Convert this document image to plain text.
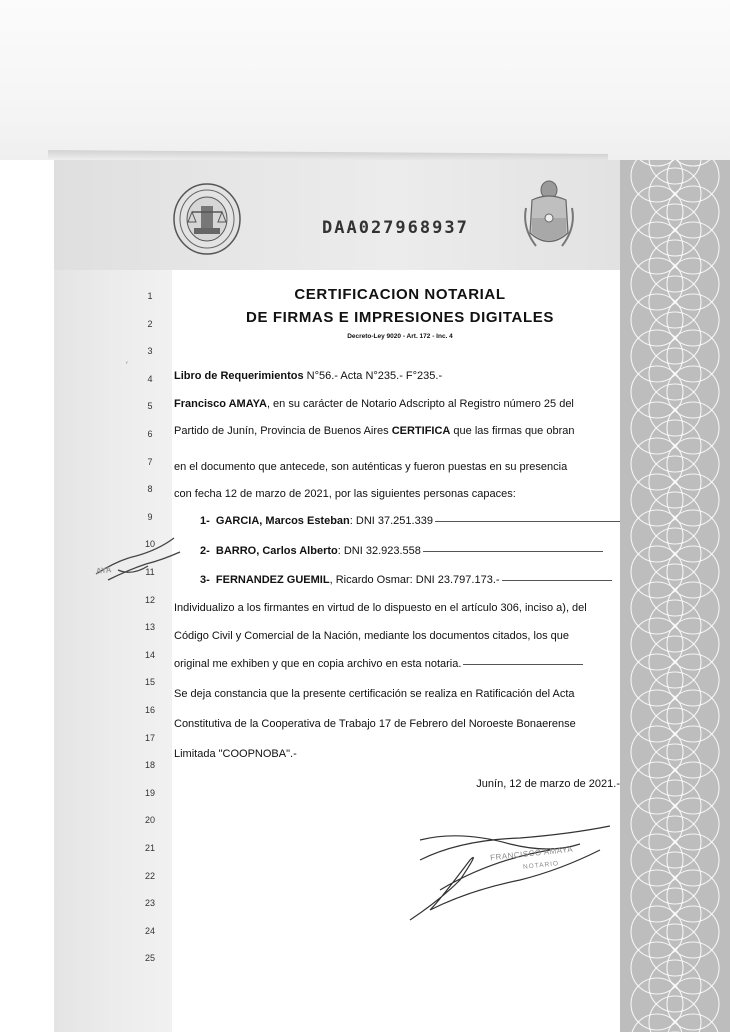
DAA027968937
′
1
2
3
4
5
6
7
8
9
10
11
12
13
14
15
16
17
18
19
20
21
22
23
24
25
CERTIFICACION NOTARIAL
DE FIRMAS E IMPRESIONES DIGITALES
Decreto-Ley 9020 - Art. 172 - Inc. 4
Libro de Requerimientos N°56.- Acta N°235.- F°235.-
Francisco AMAYA, en su carácter de Notario Adscripto al Registro número 25 del
Partido de Junín, Provincia de Buenos Aires CERTIFICA que las firmas que obran
en el documento que antecede, son auténticas y fueron puestas en su presencia
con fecha 12 de marzo de 2021, por las siguientes personas capaces:
1- GARCIA, Marcos Esteban: DNI 37.251.339
2- BARRO, Carlos Alberto: DNI 32.923.558
3- FERNANDEZ GUEMIL, Ricardo Osmar: DNI 23.797.173.-
Individualizo a los firmantes en virtud de lo dispuesto en el artículo 306, inciso a), del
Código Civil y Comercial de la Nación, mediante los documentos citados, los que
original me exhiben y que en copia archivo en esta notaria.
Se deja constancia que la presente certificación se realiza en Ratificación del Acta
Constitutiva de la Cooperativa de Trabajo 17 de Febrero del Noroeste Bonaerense
Limitada "COOPNOBA".-
Junín, 12 de marzo de 2021.-
AYA
FRANCISCO AMAYA
NOTARIO
